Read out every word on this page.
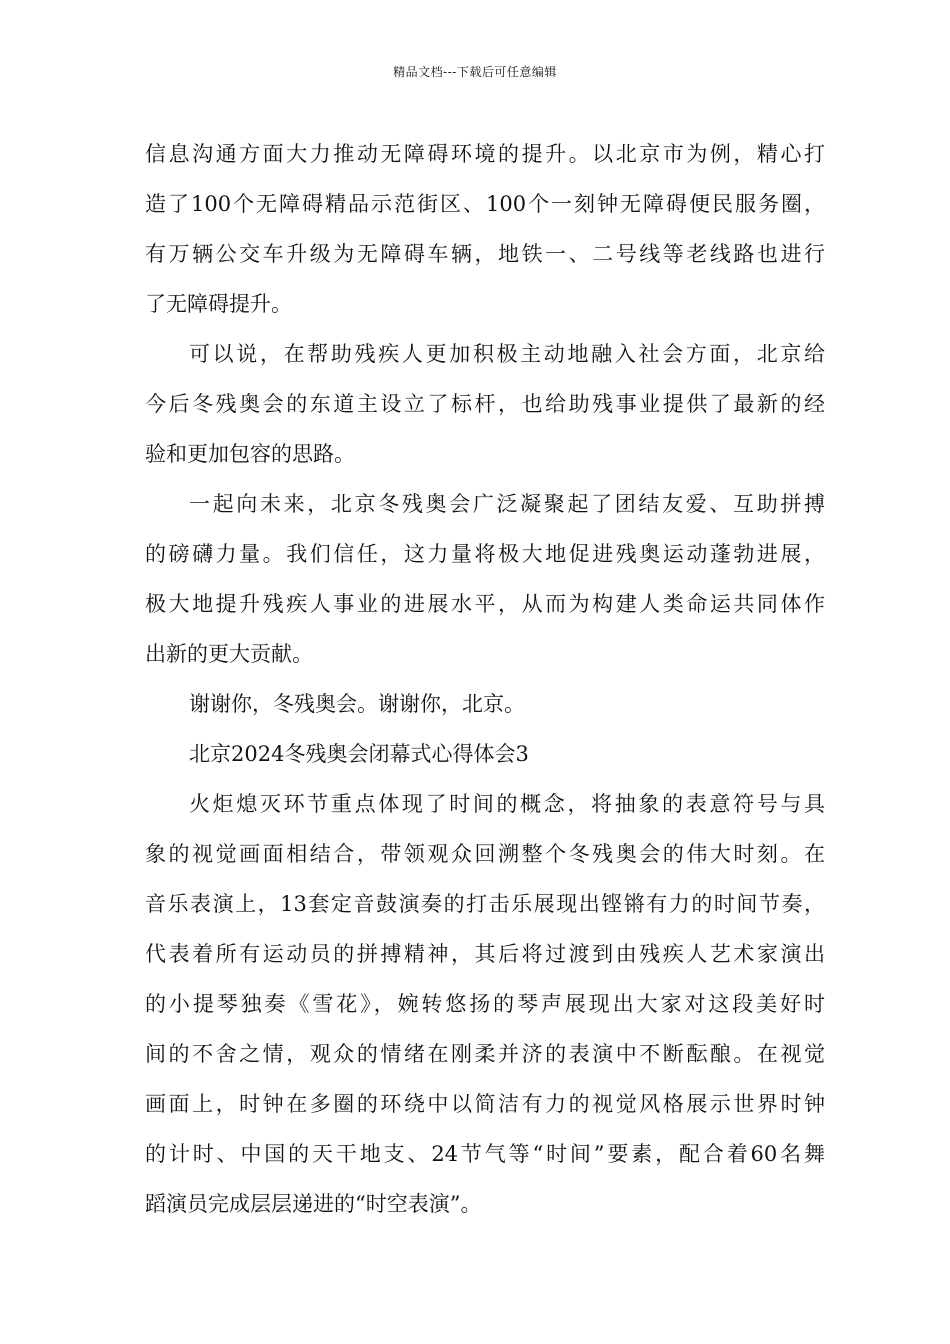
精品文档---下载后可任意编辑
信息沟通方面大力推动无障碍环境的提升。以北京市为例，精心打
造了100个无障碍精品示范街区、100个一刻钟无障碍便民服务圈，
有万辆公交车升级为无障碍车辆，地铁一、二号线等老线路也进行
了无障碍提升。
可以说，在帮助残疾人更加积极主动地融入社会方面，北京给
今后冬残奥会的东道主设立了标杆，也给助残事业提供了最新的经
验和更加包容的思路。
一起向未来，北京冬残奥会广泛凝聚起了团结友爱、互助拼搏
的磅礴力量。我们信任，这力量将极大地促进残奥运动蓬勃进展，
极大地提升残疾人事业的进展水平，从而为构建人类命运共同体作
出新的更大贡献。
谢谢你，冬残奥会。谢谢你，北京。
北京2024冬残奥会闭幕式心得体会3
火炬熄灭环节重点体现了时间的概念，将抽象的表意符号与具
象的视觉画面相结合，带领观众回溯整个冬残奥会的伟大时刻。在
音乐表演上，13套定音鼓演奏的打击乐展现出铿锵有力的时间节奏，
代表着所有运动员的拼搏精神，其后将过渡到由残疾人艺术家演出
的小提琴独奏《雪花》，婉转悠扬的琴声展现出大家对这段美好时
间的不舍之情，观众的情绪在刚柔并济的表演中不断酝酿。在视觉
画面上，时钟在多圈的环绕中以简洁有力的视觉风格展示世界时钟
的计时、中国的天干地支、24节气等“时间”要素，配合着60名舞
蹈演员完成层层递进的“时空表演”。
